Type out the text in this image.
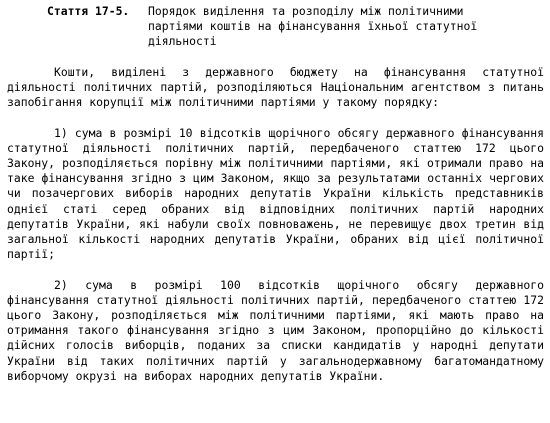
Стаття 17-5.	Порядок виділення та розподілу між політичними партіями коштів на фінансування їхньої статутної діяльності

Кошти, виділені з державного бюджету на фінансування статутної діяльності політичних партій, розподіляються Національним агентством з питань запобігання корупції між політичними партіями у такому порядку:

1) сума в розмірі 10 відсотків щорічного обсягу державного фінансування статутної діяльності політичних партій, передбаченого статтею 172 цього Закону, розподіляється порівну між політичними партіями, які отримали право на таке фінансування згідно з цим Законом, якщо за результатами останніх чергових чи позачергових виборів народних депутатів України кількість представників однієї статі серед обраних від відповідних політичних партій народних депутатів України, які набули своїх повноважень, не перевищує двох третин від загальної кількості народних депутатів України, обраних від цієї політичної партії;

2) сума в розмірі 100 відсотків щорічного обсягу державного фінансування статутної діяльності політичних партій, передбаченого статтею 172 цього Закону, розподіляється між політичними партіями, які мають право на отримання такого фінансування згідно з цим Законом, пропорційно до кількості дійсних голосів виборців, поданих за списки кандидатів у народні депутати України від таких політичних партій у загальнодержавному багатомандатному виборчому окрузі на виборах народних депутатів України.
